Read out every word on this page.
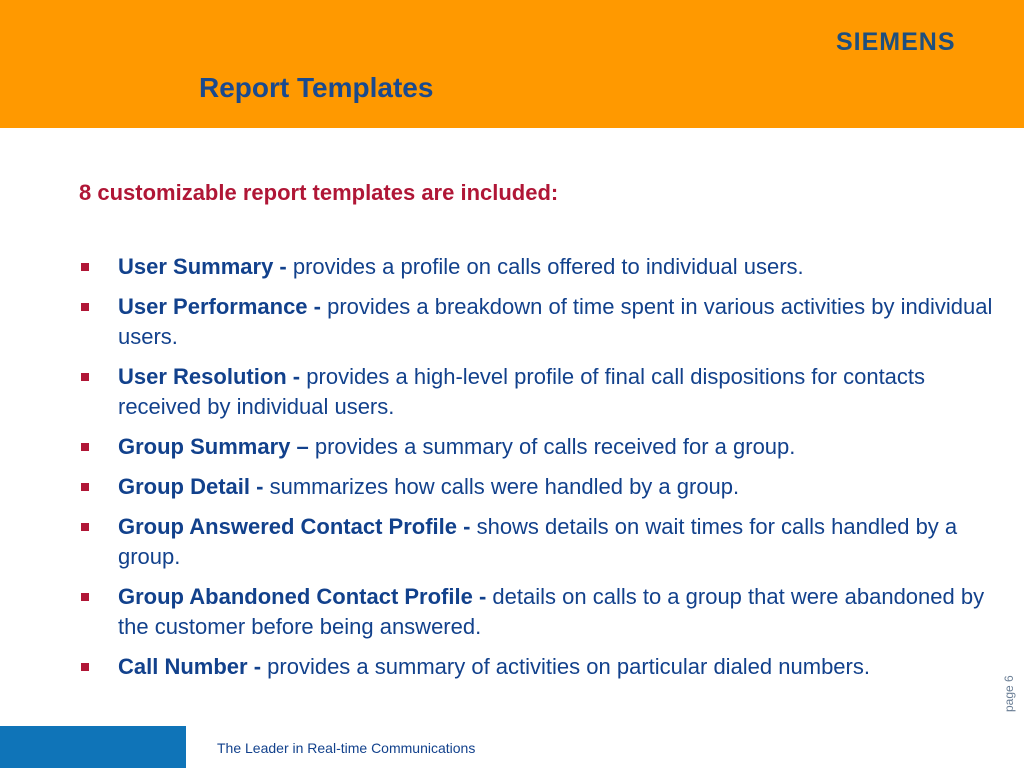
SIEMENS
Report Templates

8 customizable report templates are included:

User Summary - provides a profile on calls offered to individual users.
User Performance - provides a breakdown of time spent in various activities by individual users.
User Resolution - provides a high-level profile of final call dispositions for contacts received by individual users.
Group Summary – provides a summary of calls received for a group.
Group Detail - summarizes how calls were handled by a group.
Group Answered Contact Profile - shows details on wait times for calls handled by a group.
Group Abandoned Contact Profile - details on calls to a group that were abandoned by the customer before being answered.
Call Number - provides a summary of activities on particular dialed numbers.
page 6

The Leader in Real-time Communications
